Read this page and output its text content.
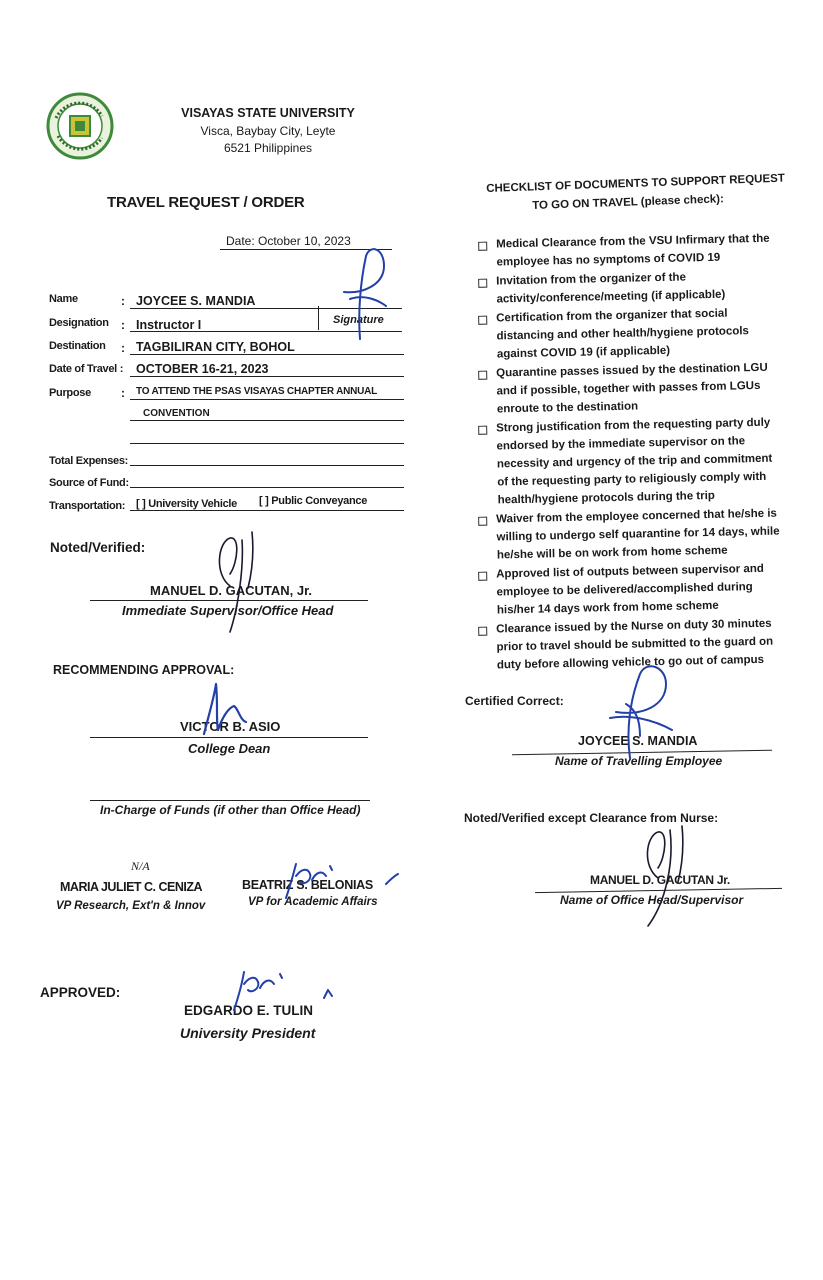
VISAYAS STATE UNIVERSITY
Visca, Baybay City, Leyte
6521 Philippines
TRAVEL REQUEST / ORDER
Date: October 10, 2023
Name	: JOYCEE S. MANDIA
Designation : Instructor I	Signature
Destination : TAGBILIRAN CITY, BOHOL
Date of Travel : OCTOBER 16-21, 2023
Purpose	: TO ATTEND THE PSAS VISAYAS CHAPTER ANNUAL
CONVENTION
Total Expenses:
Source of Fund:
Transportation: [ ] University Vehicle [ ] Public Conveyance
Noted/Verified:
MANUEL D. GACUTAN, Jr.
Immediate Supervisor/Office Head
RECOMMENDING APPROVAL:
VICTOR B. ASIO
College Dean
In-Charge of Funds (if other than Office Head)
N/A
MARIA JULIET C. CENIZA
VP Research, Ext'n & Innov
BEATRIZ S. BELONIAS
VP for Academic Affairs
APPROVED:
EDGARDO E. TULIN
University President
CHECKLIST OF DOCUMENTS TO SUPPORT REQUEST
TO GO ON TRAVEL (please check):
Medical Clearance from the VSU Infirmary that the
employee has no symptoms of COVID 19
Invitation from the organizer of the
activity/conference/meeting (if applicable)
Certification from the organizer that social
distancing and other health/hygiene protocols
against COVID 19 (if applicable)
Quarantine passes issued by the destination LGU
and if possible, together with passes from LGUs
enroute to the destination
Strong justification from the requesting party duly
endorsed by the immediate supervisor on the
necessity and urgency of the trip and commitment
of the requesting party to religiously comply with
health/hygiene protocols during the trip
Waiver from the employee concerned that he/she is
willing to undergo self quarantine for 14 days, while
he/she will be on work from home scheme
Approved list of outputs between supervisor and
employee to be delivered/accomplished during
his/her 14 days work from home scheme
Clearance issued by the Nurse on duty 30 minutes
prior to travel should be submitted to the guard on
duty before allowing vehicle to go out of campus
Certified Correct:
JOYCEE S. MANDIA
Name of Travelling Employee
Noted/Verified except Clearance from Nurse:
MANUEL D. GACUTAN Jr.
Name of Office Head/Supervisor
